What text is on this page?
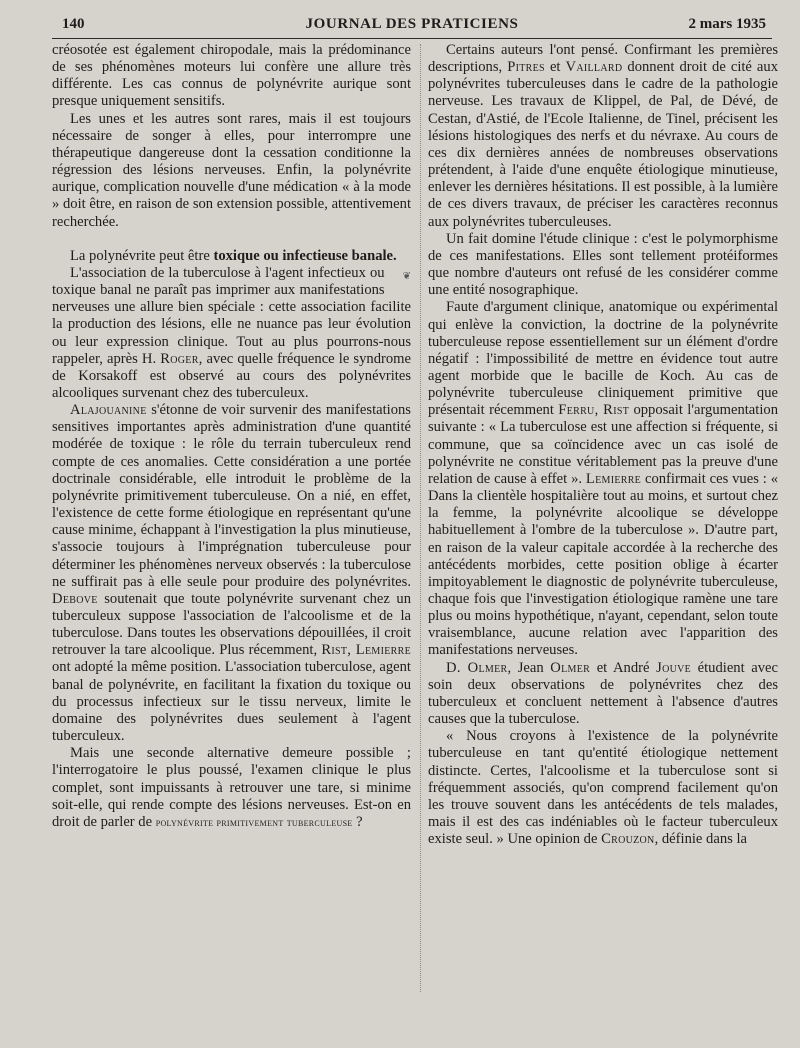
140	JOURNAL DES PRATICIENS	2 mars 1935

créosotée est également chiropodale, mais la prédominance de ses phénomènes moteurs lui confère une allure très différente. Les cas connus de polynévrite aurique sont presque uniquement sensitifs.

Les unes et les autres sont rares, mais il est toujours nécessaire de songer à elles, pour interrompre une thérapeutique dangereuse dont la cessation conditionne la régression des lésions nerveuses. Enfin, la polynévrite aurique, complication nouvelle d'une médication « à la mode » doit être, en raison de son extension possible, attentivement recherchée.

La polynévrite peut être toxique ou infectieuse banale.
❦

L'association de la tuberculose à l'agent infectieux ou toxique banal ne paraît pas imprimer aux manifestations nerveuses une allure bien spéciale : cette association facilite la production des lésions, elle ne nuance pas leur évolution ou leur expression clinique. Tout au plus pourrons-nous rappeler, après H. Roger, avec quelle fréquence le syndrome de Korsakoff est observé au cours des polynévrites alcooliques survenant chez des tuberculeux.

Alajouanine s'étonne de voir survenir des manifestations sensitives importantes après administration d'une quantité modérée de toxique : le rôle du terrain tuberculeux rend compte de ces anomalies. Cette considération a une portée doctrinale considérable, elle introduit le problème de la polynévrite primitivement tuberculeuse. On a nié, en effet, l'existence de cette forme étiologique en représentant qu'une cause minime, échappant à l'investigation la plus minutieuse, s'associe toujours à l'imprégnation tuberculeuse pour déterminer les phénomènes nerveux observés : la tuberculose ne suffirait pas à elle seule pour produire des polynévrites. Debove soutenait que toute polynévrite survenant chez un tuberculeux suppose l'association de l'alcoolisme et de la tuberculose. Dans toutes les observations dépouillées, il croit retrouver la tare alcoolique. Plus récemment, Rist, Lemierre ont adopté la même position. L'association tuberculose, agent banal de polynévrite, en facilitant la fixation du toxique ou du processus infectieux sur le tissu nerveux, limite le domaine des polynévrites dues seulement à l'agent tuberculeux.

Mais une seconde alternative demeure possible ; l'interrogatoire le plus poussé, l'examen clinique le plus complet, sont impuissants à retrouver une tare, si minime soit-elle, qui rende compte des lésions nerveuses. Est-on en droit de parler de polynévrite primitivement tuberculeuse ?

Certains auteurs l'ont pensé. Confirmant les premières descriptions, Pitres et Vaillard donnent droit de cité aux polynévrites tuberculeuses dans le cadre de la pathologie nerveuse. Les travaux de Klippel, de Pal, de Dévé, de Cestan, d'Astié, de l'Ecole Italienne, de Tinel, précisent les lésions histologiques des nerfs et du névraxe. Au cours de ces dix dernières années de nombreuses observations prétendent, à l'aide d'une enquête étiologique minutieuse, enlever les dernières hésitations. Il est possible, à la lumière de ces divers travaux, de préciser les caractères reconnus aux polynévrites tuberculeuses.

Un fait domine l'étude clinique : c'est le polymorphisme de ces manifestations. Elles sont tellement protéiformes que nombre d'auteurs ont refusé de les considérer comme une entité nosographique.

Faute d'argument clinique, anatomique ou expérimental qui enlève la conviction, la doctrine de la polynévrite tuberculeuse repose essentiellement sur un élément d'ordre négatif : l'impossibilité de mettre en évidence tout autre agent morbide que le bacille de Koch. Au cas de polynévrite tuberculeuse cliniquement primitive que présentait récemment Ferru, Rist opposait l'argumentation suivante : « La tuberculose est une affection si fréquente, si commune, que sa coïncidence avec un cas isolé de polynévrite ne constitue véritablement pas la preuve d'une relation de cause à effet ». Lemierre confirmait ces vues : « Dans la clientèle hospitalière tout au moins, et surtout chez la femme, la polynévrite alcoolique se développe habituellement à l'ombre de la tuberculose ». D'autre part, en raison de la valeur capitale accordée à la recherche des antécédents morbides, cette position oblige à écarter impitoyablement le diagnostic de polynévrite tuberculeuse, chaque fois que l'investigation étiologique ramène une tare plus ou moins hypothétique, n'ayant, cependant, selon toute vraisemblance, aucune relation avec l'apparition des manifestations nerveuses.

D. Olmer, Jean Olmer et André Jouve étudient avec soin deux observations de polynévrites chez des tuberculeux et concluent nettement à l'absence d'autres causes que la tuberculose.

« Nous croyons à l'existence de la polynévrite tuberculeuse en tant qu'entité étiologique nettement distincte. Certes, l'alcoolisme et la tuberculose sont si fréquemment associés, qu'on comprend facilement qu'on les trouve souvent dans les antécédents de tels malades, mais il est des cas indéniables où le facteur tuberculeux existe seul. » Une opinion de Crouzon, définie dans la
